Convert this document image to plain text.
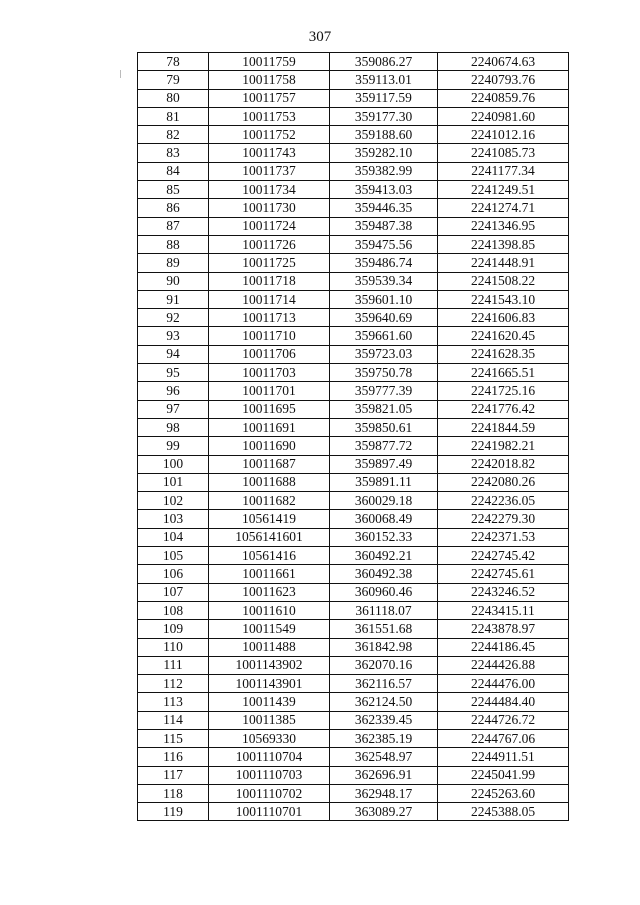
307
78	10011759	359086.27	2240674.63
79	10011758	359113.01	2240793.76
80	10011757	359117.59	2240859.76
81	10011753	359177.30	2240981.60
82	10011752	359188.60	2241012.16
83	10011743	359282.10	2241085.73
84	10011737	359382.99	2241177.34
85	10011734	359413.03	2241249.51
86	10011730	359446.35	2241274.71
87	10011724	359487.38	2241346.95
88	10011726	359475.56	2241398.85
89	10011725	359486.74	2241448.91
90	10011718	359539.34	2241508.22
91	10011714	359601.10	2241543.10
92	10011713	359640.69	2241606.83
93	10011710	359661.60	2241620.45
94	10011706	359723.03	2241628.35
95	10011703	359750.78	2241665.51
96	10011701	359777.39	2241725.16
97	10011695	359821.05	2241776.42
98	10011691	359850.61	2241844.59
99	10011690	359877.72	2241982.21
100	10011687	359897.49	2242018.82
101	10011688	359891.11	2242080.26
102	10011682	360029.18	2242236.05
103	10561419	360068.49	2242279.30
104	1056141601	360152.33	2242371.53
105	10561416	360492.21	2242745.42
106	10011661	360492.38	2242745.61
107	10011623	360960.46	2243246.52
108	10011610	361118.07	2243415.11
109	10011549	361551.68	2243878.97
110	10011488	361842.98	2244186.45
111	1001143902	362070.16	2244426.88
112	1001143901	362116.57	2244476.00
113	10011439	362124.50	2244484.40
114	10011385	362339.45	2244726.72
115	10569330	362385.19	2244767.06
116	1001110704	362548.97	2244911.51
117	1001110703	362696.91	2245041.99
118	1001110702	362948.17	2245263.60
119	1001110701	363089.27	2245388.05
